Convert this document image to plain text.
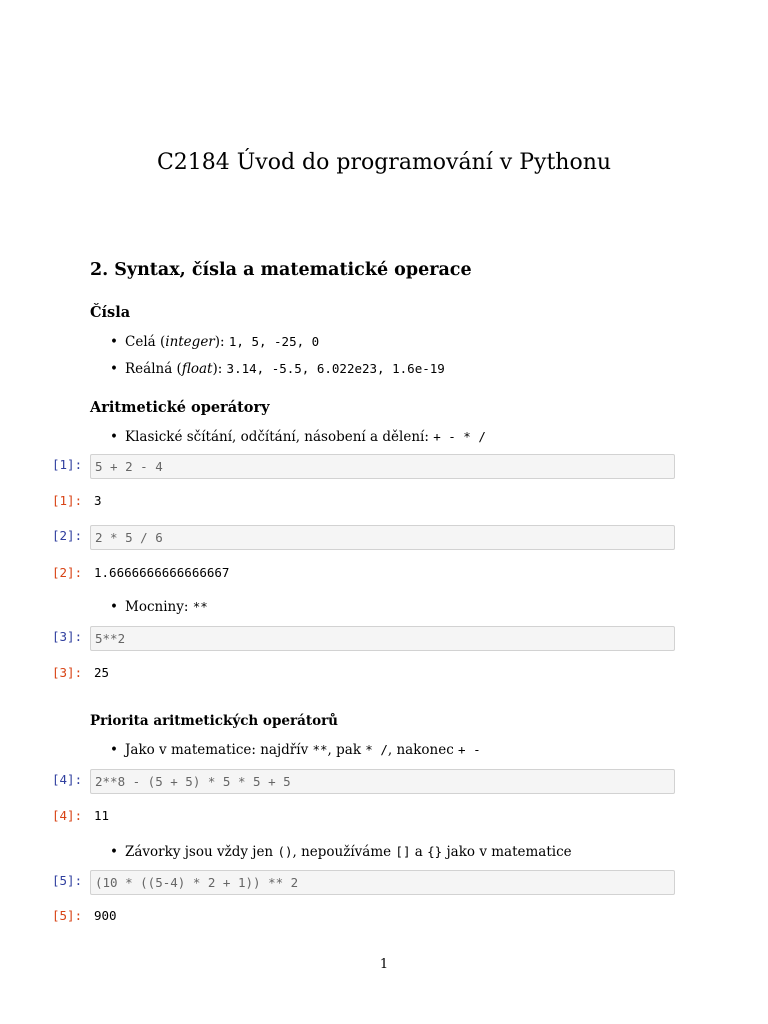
C2184 Úvod do programování v Pythonu
2. Syntax, čísla a matematické operace
Čísla
• Celá (integer): 1, 5, -25, 0
• Reálná (float): 3.14, -5.5, 6.022e23, 1.6e-19
Aritmetické operátory
• Klasické sčítání, odčítání, násobení a dělení: + - * /
[1]:	5 + 2 - 4
[1]: 3
[2]:	2 * 5 / 6
[2]: 1.6666666666666667
• Mocniny: **
[3]:	5**2
[3]: 25
Priorita aritmetických operátorů
• Jako v matematice: najdřív **, pak * /, nakonec + -
[4]:	2**8 - (5 + 5) * 5 * 5 + 5
[4]: 11
• Závorky jsou vždy jen (), nepoužíváme [] a {} jako v matematice
[5]:	(10 * ((5-4) * 2 + 1)) ** 2
[5]: 900
1
